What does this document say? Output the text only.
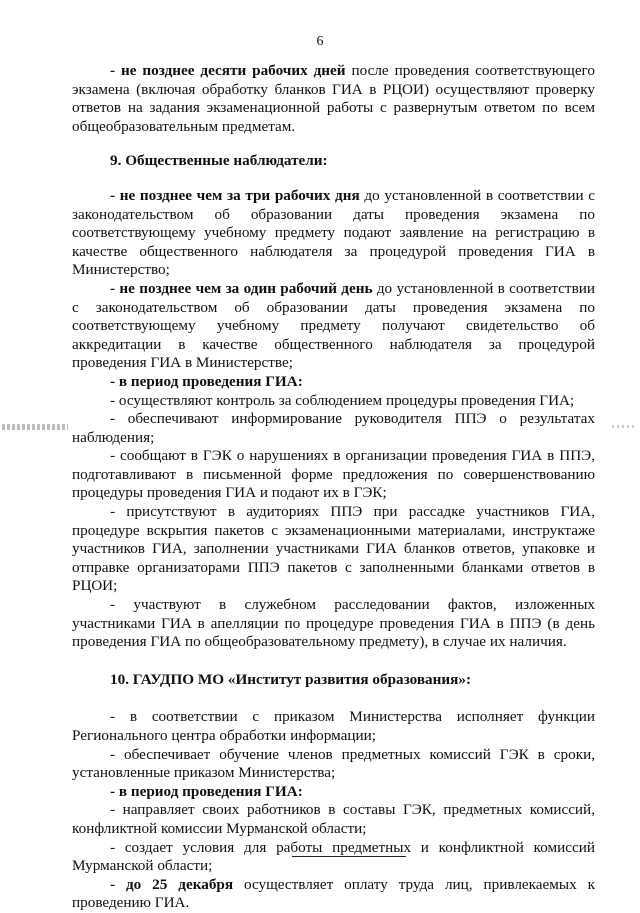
6

- не позднее десяти рабочих дней после проведения соответствующего экзамена (включая обработку бланков ГИА в РЦОИ) осуществляют проверку ответов на задания экзаменационной работы с развернутым ответом по всем общеобразовательным предметам.

9. Общественные наблюдатели:

- не позднее чем за три рабочих дня до установленной в соответствии с законодательством об образовании даты проведения экзамена по соответствующему учебному предмету подают заявление на регистрацию в качестве общественного наблюдателя за процедурой проведения ГИА в Министерство;

- не позднее чем за один рабочий день до установленной в соответствии с законодательством об образовании даты проведения экзамена по соответствующему учебному предмету получают свидетельство об аккредитации в качестве общественного наблюдателя за процедурой проведения ГИА в Министерстве;

- в период проведения ГИА:

- осуществляют контроль за соблюдением процедуры проведения ГИА;

- обеспечивают информирование руководителя ППЭ о результатах наблюдения;

- сообщают в ГЭК о нарушениях в организации проведения ГИА в ППЭ, подготавливают в письменной форме предложения по совершенствованию процедуры проведения ГИА и подают их в ГЭК;

- присутствуют в аудиториях ППЭ при рассадке участников ГИА, процедуре вскрытия пакетов с экзаменационными материалами, инструктаже участников ГИА, заполнении участниками ГИА бланков ответов, упаковке и отправке организаторами ППЭ пакетов с заполненными бланками ответов в РЦОИ;

- участвуют в служебном расследовании фактов, изложенных участниками ГИА в апелляции по процедуре проведения ГИА в ППЭ (в день проведения ГИА по общеобразовательному предмету), в случае их наличия.

10. ГАУДПО МО «Институт развития образования»:

- в соответствии с приказом Министерства исполняет функции Регионального центра обработки информации;

- обеспечивает обучение членов предметных комиссий ГЭК в сроки, установленные приказом Министерства;

- в период проведения ГИА:

- направляет своих работников в составы ГЭК, предметных комиссий, конфликтной комиссии Мурманской области;

- создает условия для работы предметных и конфликтной комиссий Мурманской области;

- до 25 декабря осуществляет оплату труда лиц, привлекаемых к проведению ГИА.
